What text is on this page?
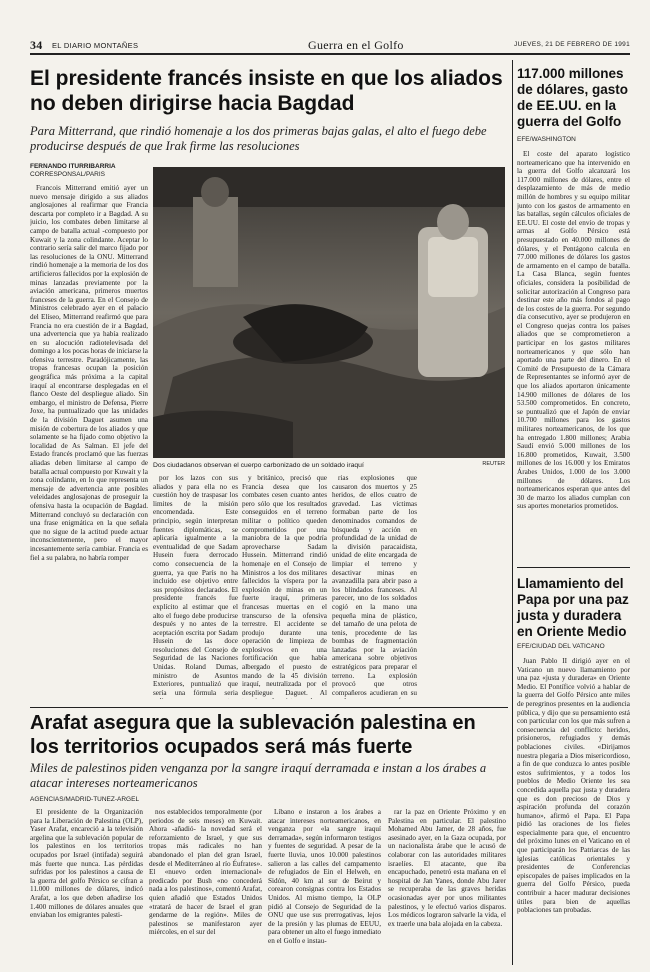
34 EL DIARIO MONTAÑES	Guerra en el Golfo	JUEVES, 21 DE FEBRERO DE 1991
El presidente francés insiste en que los aliados no deben dirigirse hacia Bagdad
Para Mitterrand, que rindió homenaje a los dos primeras bajas galas, el alto el fuego debe producirse después de que Irak firme las resoluciones
FERNANDO ITURRIBARRIA
CORRESPONSAL/PARIS

Francois Mitterrand emitió ayer un nuevo mensaje dirigido a sus aliados anglosajones al reafirmar que Francia descarta por completo ir a Bagdad. A su juicio, los combates deben limitarse al campo de batalla actual -compuesto por Kuwait y la zona colindante. Aceptar lo contrario sería salir del marco fijado por las resoluciones de la ONU. Mitterrand rindió homenaje a la memoria de los dos artificieros fallecidos por la explosión de minas lanzadas previamente por la aviación americana, primeros muertos franceses de la guerra. En el Consejo de Ministros celebrado ayer en el palacio del Elíseo, Mitterrand reafirmó que para Francia no era cuestión de ir a Bagdad, una advertencia que ya había realizado en su alocución radiotelevisada del domingo a los pocas horas de iniciarse la ofensiva terrestre. Paradójicamente, las tropas francesas ocupan la posición geográfica más próxima a la capital iraquí al encontrarse desplegadas en el flanco Oeste del despliegue aliado. Sin embargo, el ministro de Defensa, Pierre Joxe, ha puntualizado que las unidades de la división Daguet asumen una misión de cobertura de los aliados y que solamente se ha fijado como objetivo la localidad de As Salman. El jefe del Estado francés proclamó que las fuerzas aliadas deben limitarse al campo de batalla actual compuesto por Kuwait y la zona colindante, en lo que representa un mensaje de advertencia ante posibles veleidades anglosajonas de proseguir la ofensiva hasta la ocupación de Bagdad. Mitterrand concluyó su declaración con una frase enigmática en la que señala que no sigue de la actitud puede actuar inconscientemente, pero el mayor incesantemente sería cambiar. Francia es fiel a su palabra, no habría romper

Dos ciudadanos observan el cuerpo carbonizado de un soldado iraquí	REUTER

por los lazos con sus aliados y para ella no es cuestión hoy de traspasar los limites de la misión encomendada. Este principio, según interpretan fuentes diplomáticas, se aplicaría igualmente a la eventualidad de que Sadam Husein fuera derrocado como consecuencia de la guerra, ya que París no ha incluido ese objetivo entre sus propósitos declarados. El presidente francés fue explícito al estimar que el alto el fuego debe producirse después y no antes de la aceptación escrita por Sadam Husein de las doce resoluciones del Consejo de Seguridad de las Naciones Unidas. Roland Dumas, ministro de Asuntos Exteriores, puntualizó que sería una fórmula seria

y británico, precisó que Francia desea que los combates cesen cuanto antes pero sólo que los resultados conseguidos en el terreno militar o político queden comprometidos por una maniobra de la que podría aprovecharse Sadam Hussein. Mitterrand rindió homenaje en el Consejo de Ministros a los dos militares fallecidos la víspera por la explosión de minas en un fuerte iraquí, primeras francesas muertas en el transcurso de la ofensiva terrestre. El accidente se produjo durante una operación de limpieza de explosivos en una fortificación que había albergado el puesto de mando de la 45 división iraquí, neutralizada por el despliegue Daguet. Al

rias explosiones que causaron dos muertos y 25 heridos, de ellos cuatro de gravedad. Las víctimas formaban parte de los denominados comandos de búsqueda y acción en profundidad de la unidad de la división paracaidista, unidad de elite encargada de limpiar el terreno y desactivar minas en avanzadilla para abrir paso a los blindados franceses. Al parecer, uno de los soldados cogió en la mano una pequeña mina de plástico, del tamaño de una pelota de tenis, procedente de las bombas de fragmentación lanzadas por la aviación americana sobre objetivos estratégicos para preparar el terreno. La explosión provocó que otros compañeros acudieran en su

117.000 millones de dólares, gasto de EE.UU. en la guerra del Golfo
EFE/WASHINGTON

El coste del aparato logístico norteamericano que ha intervenido en la guerra del Golfo alcanzará los 117.000 millones de dólares, entre el desplazamiento de más de medio millón de hombres y su equipo militar junto con los gastos de armamento en las batallas, según cálculos oficiales de EE.UU. El coste del envío de tropas y armas al Golfo Pérsico está presupuestado en 40.000 millones de dólares, y el Pentágono calcula en 77.000 millones de dólares los gastos de armamento en el campo de batalla. La Casa Blanca, según fuentes oficiales, considera la posibilidad de solicitar autorización al Congreso para destinar este año más fondos al pago de los costes de la guerra. Por segundo día consecutivo, ayer se produjeron en el Congreso quejas contra los países aliados que se comprometieron a participar en los gastos militares norteamericanos y que sólo han aportado una parte del dinero. En el Comité de Presupuesto de la Cámara de Representantes se informó ayer de que los aliados aportaron únicamente 14.900 millones de dólares de los 53.500 comprometidos. En concreto, se puntualizó que el Japón de enviar 10.700 millones para los gastos militares norteamericanos, de los que ha entregado 1.800 millones; Arabia Saudí envió 5.000 millones de los 16.800 prometidos, Kuwait, 3.500 millones de los 16.000 y los Emiratos Árabes Unidos, 1.000 de los 3.000 millones de dólares. Los norteamericanos esperan que antes del 30 de marzo los aliados cumplan con sus aportes monetarios prometidos.

Llamamiento del Papa por una paz justa y duradera en Oriente Medio
EFE/CIUDAD DEL VATICANO

Juan Pablo II dirigió ayer en el Vaticano un nuevo llamamiento por una paz «justa y duradera» en Oriente Medio. El Pontífice volvió a hablar de la guerra del Golfo Pérsico ante miles de peregrinos presentes en la audiencia pública, y dijo que su pensamiento está con particular con los que más sufren a consecuencia del conflicto: heridos, prisioneros, refugiados y demás poblaciones civiles. «Dirijamos nuestra plegaria a Dios misericordioso, a fin de que conduzca lo antes posible estos sufrimientos, y a todos los pueblos de Medio Oriente les sea concedida aquella paz justa y duradera que es don precioso de Dios y aspiración profunda del corazón humano», afirmó el Papa. El Papa pidió las oraciones de los fieles especialmente para que, el encuentro del próximo lunes en el Vaticano en el que participarán los Patriarcas de las iglesias católicas orientales y presidentes de Conferencias episcopales de países implicados en la guerra del Golfo Pérsico, pueda contribuir a hacer madurar decisiones útiles para bien de aquellas poblaciones tan probadas.

Arafat asegura que la sublevación palestina en los territorios ocupados será más fuerte
Miles de palestinos piden venganza por la sangre iraquí derramada e instan a los árabes a atacar intereses norteamericanos
AGENCIAS/MADRID-TUNEZ-ARGEL

El presidente de la Organización para la Liberación de Palestina (OLP), Yaser Arafat, encareció a la televisión argelina que la sublevación popular de los palestinos en los territorios ocupados por Israel (intifada) seguirá más fuerte que nunca. Las pérdidas sufridas por los palestinos a causa de la guerra del golfo Pérsico se cifran a 11.000 millones de dólares, indicó Arafat, a los que deben añadirse los 1.400 millones de dólares anuales que enviaban los emigrantes palesti-

nos establecidos temporalmente (por periodos de seis meses) en Kuwait. Ahora -añadió- la novedad será el reforzamiento de Israel, y que sus tropas más radicales no han abandonado el plan del gran Israel, desde el Mediterráneo al río Éufrates». El «nuevo orden internacional» predicado por Bush «no concederá nada a los palestinos», comentó Arafat, quien añadió que Estados Unidos «tratará de hacer de Israel el gran gendarme de la región». Miles de palestinos se manifestaron ayer miércoles, en el sur del

Líbano e instaron a los árabes a atacar intereses norteamericanos, en venganza por «la sangre iraquí derramada», según informaron testigos y fuentes de seguridad. A pesar de la fuerte lluvia, unos 10.000 palestinos salieron a las calles del campamento de refugiados de Ein el Helweh, en Sidón, 40 km al sur de Beirut y corearon consignas contra los Estados Unidos. Al mismo tiempo, la OLP pidió al Consejo de Seguridad de la ONU que use sus prerrogativas, lejos de la presión y las plumas de EEUU, para obtener un alto el fuego inmediato en el Golfo e instau-

rar la paz en Oriente Próximo y en Palestina en particular. El palestino Mohamed Abu Jamer, de 28 años, fue asesinado ayer, en la Gaza ocupada, por un nacionalista árabe que le acusó de colaborar con las autoridades militares israelíes. El atacante, que iba encapuchado, penetró esta mañana en el hospital de Jan Yanes, donde Abu Jarer se recuperaba de las graves heridas ocasionadas ayer por unos militantes palestinos, y le efectuó varios disparos. Los médicos lograron salvarle la vida, el ex traerle una bala alojada en la cabeza.
